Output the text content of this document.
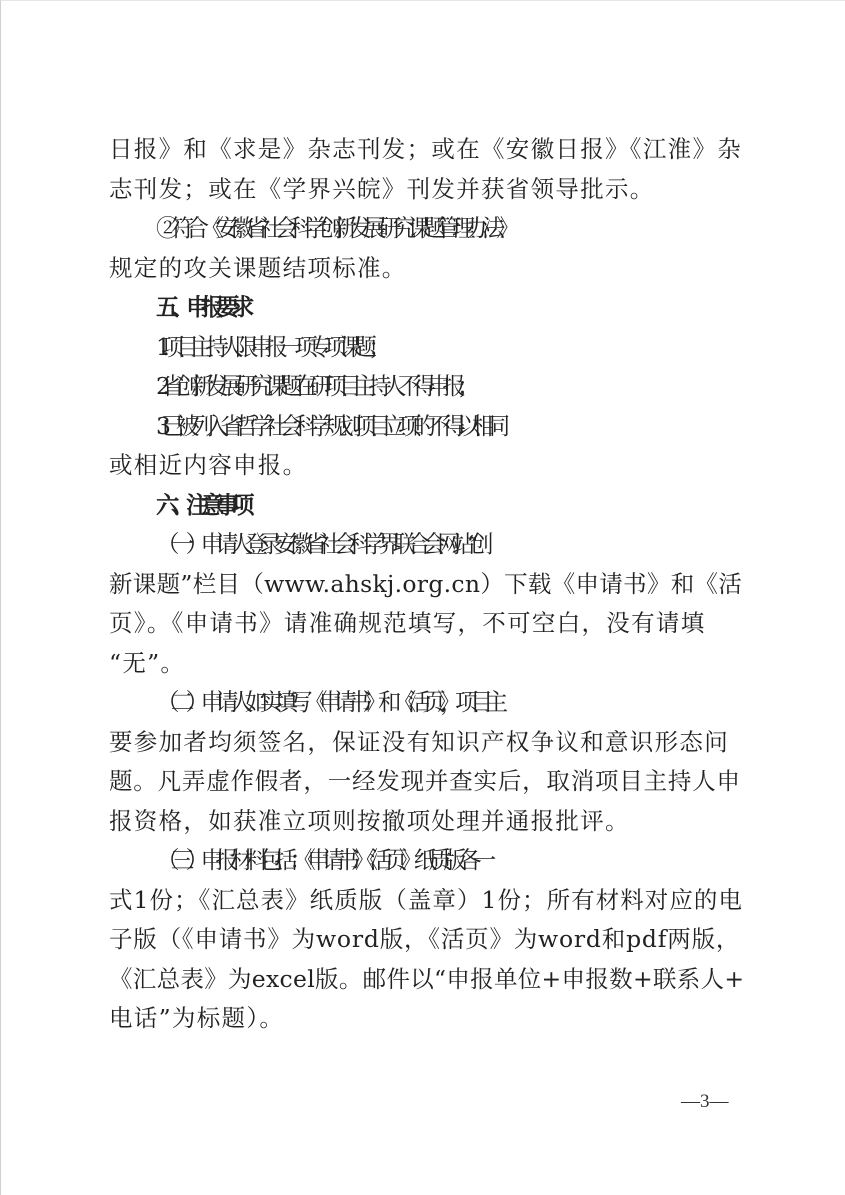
日报》和《求是》杂志刊发；或在《安徽日报》《江淮》杂

志刊发；或在《学界兴皖》刊发并获省领导批示。

②符合《安徽省社会科学创新发展研究课题管理办法》

规定的攻关课题结项标准。

五、申报要求

1.项目主持人限申报一项专项课题；

2.省创新发展研究课题在研项目主持人不得申报；

3.已被列入省哲学社会科学规划项目立项的不得以相同

或相近内容申报。

六、注意事项

（一）申请人登录安徽省社会科学界联合会网站“创

新课题”栏目（www.ahskj.org.cn）下载《申请书》和《活

页》。《申请书》请准确规范填写，不可空白，没有请填

“无”。

（二）申请人如实填写《申请书》和《活页》，项目主

要参加者均须签名，保证没有知识产权争议和意识形态问

题。凡弄虚作假者，一经发现并查实后，取消项目主持人申

报资格，如获准立项则按撤项处理并通报批评。

（三）申报材料包括：《申请书》《活页》纸质版各一

式1份；《汇总表》纸质版（盖章）1份；所有材料对应的电

子版（《申请书》为word版，《活页》为word和pdf两版，

《汇总表》为excel版。邮件以“申报单位+申报数+联系人+

电话”为标题）。

—3—
